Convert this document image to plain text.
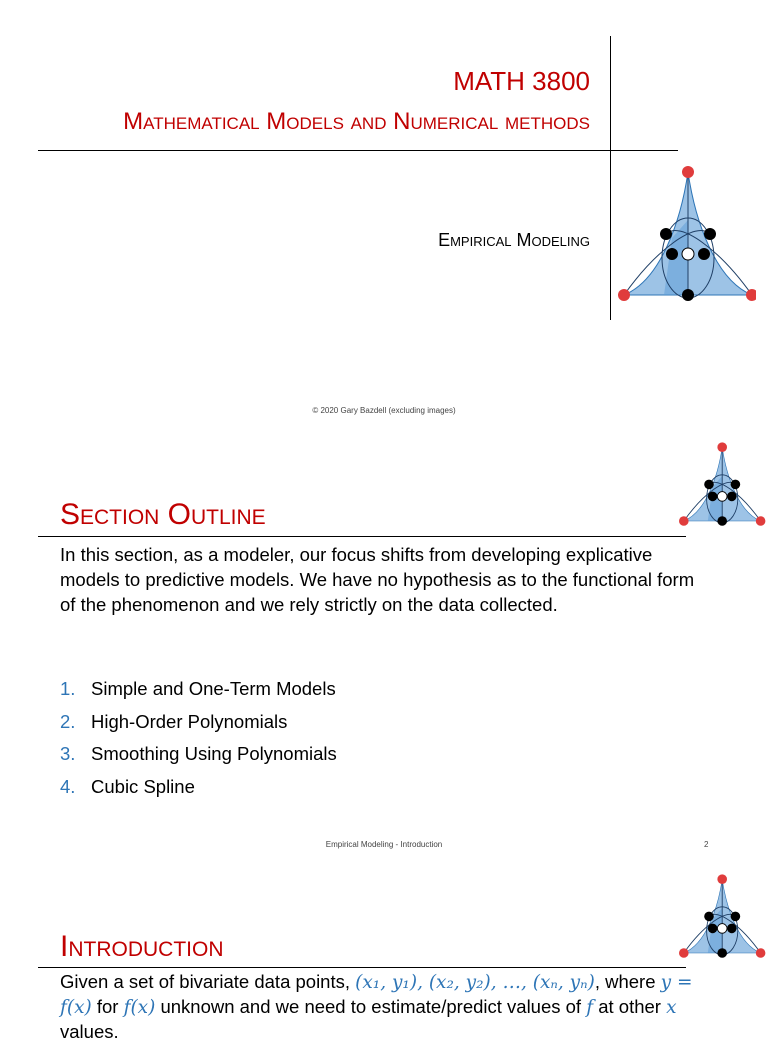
MATH 3800
Mathematical Models and Numerical methods
Empirical Modeling
© 2020 Gary Bazdell (excluding images)
Section Outline
In this section, as a modeler, our focus shifts from developing explicative models to predictive models. We have no hypothesis as to the functional form of the phenomenon and we rely strictly on the data collected.
1. Simple and One-Term Models
2. High-Order Polynomials
3. Smoothing Using Polynomials
4. Cubic Spline
Empirical Modeling - Introduction	2
Introduction
Given a set of bivariate data points, (x₁, y₁), (x₂, y₂), …, (xₙ, yₙ), where y = f(x) for f(x) unknown and we need to estimate/predict values of f at other x values.
